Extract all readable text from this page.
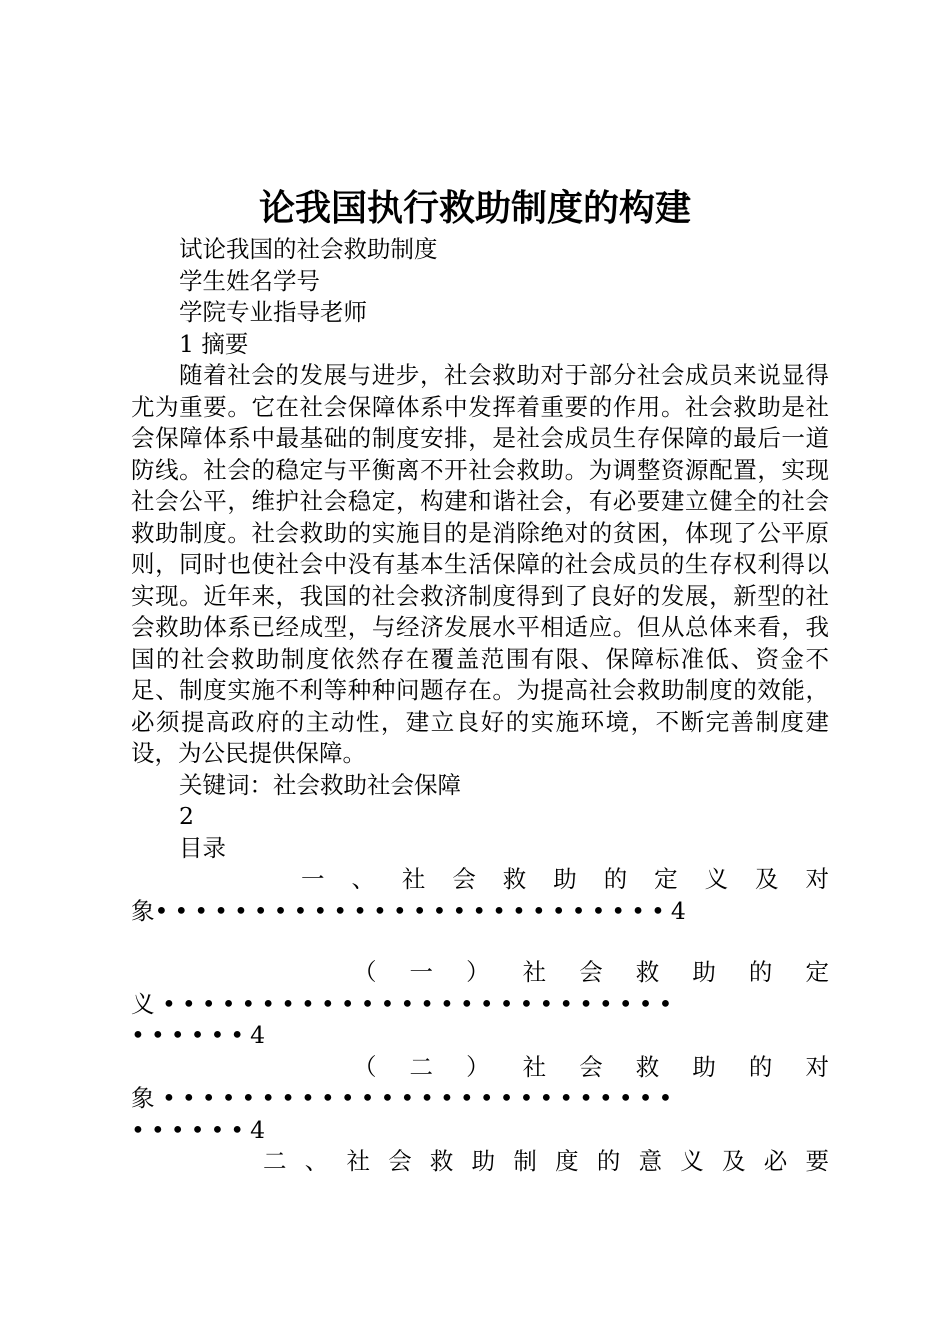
论我国执行救助制度的构建

试论我国的社会救助制度

学生姓名学号

学院专业指导老师

1 摘要

随着社会的发展与进步，社会救助对于部分社会成员来说显得尤为重要。它在社会保障体系中发挥着重要的作用。社会救助是社会保障体系中最基础的制度安排，是社会成员生存保障的最后一道防线。社会的稳定与平衡离不开社会救助。为调整资源配置，实现社会公平，维护社会稳定，构建和谐社会，有必要建立健全的社会救助制度。社会救助的实施目的是消除绝对的贫困，体现了公平原则，同时也使社会中没有基本生活保障的社会成员的生存权利得以实现。近年来，我国的社会救济制度得到了良好的发展，新型的社会救助体系已经成型，与经济发展水平相适应。但从总体来看，我国的社会救助制度依然存在覆盖范围有限、保障标准低、资金不足、制度实施不利等种种问题存在。为提高社会救助制度的效能，必须提高政府的主动性，建立良好的实施环境，不断完善制度建设，为公民提供保障。

关键词：社会救助社会保障

2

目录

一 、 社 会 救 助 的 定 义 及 对
象••••••••••••••••••••••••••4
（ 一 ） 社 会 救 助 的 定
义 ••••••••••••••••••••••••••
••••••4
（ 二 ） 社 会 救 助 的 对
象 ••••••••••••••••••••••••••
••••••4
二 、 社 会 救 助 制 度 的 意 义 及 必 要
